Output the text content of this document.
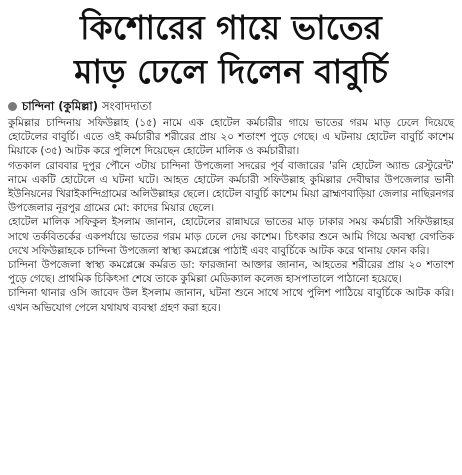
কিশোরের গায়ে ভাতের
মাড় ঢেলে দিলেন বাবুর্চি
চান্দিনা (কুমিল্লা) সংবাদদাতা

কুমিল্লার চান্দিনায় সফিউল্লাহ (১৫) নামে এক হোটেল কর্মচারীর গায়ে ভাতের গরম মাড় ঢেলে দিয়েছে হোটেলের বাবুর্চি। এতে ওই কর্মচারীর শরীরের প্রায় ২০ শতাংশ পুড়ে গেছে। এ ঘটনায় হোটেল বাবুর্চি কাশেম মিয়াকে (৩৫) আটক করে পুলিশে দিয়েছেন হোটেল মালিক ও কর্মচারীরা।

গতকাল রোববার দুপুর পৌনে ৩টায় চান্দিনা উপজেলা সদরের পূর্ব বাজারের 'রনি হোটেল অ্যান্ড রেস্টুরেন্ট' নামে একটি হোটেলে এ ঘটনা ঘটে। আহত হোটেল কর্মচারী সফিউল্লাহ কুমিল্লার দেবীদ্বার উপজেলার ভানী ইউনিয়নের খিরাইকান্দিগ্রামের অলিউল্লাহর ছেলে। হোটেল বাবুর্চি কাশেম মিয়া ব্রাহ্মণবাড়িয়া জেলার নাছিরনগর উপজেলার নূরপুর গ্রামের মো: কাদের মিয়ার ছেলে।

হোটেল মালিক সফিকুল ইসলাম জানান, হোটেলের রান্নাঘরে ভাতের মাড় ঢাকার সময় কর্মচারী সফিউল্লাহর সাথে তর্কবিতর্কের একপর্যায়ে ভাতের গরম মাড় ঢেলে দেয় কাশেম। চিৎকার শুনে আমি গিয়ে অবস্থা বেগতিক দেখে সফিউল্লাহকে চান্দিনা উপজেলা স্বাস্থ্য কমপ্লেক্সে পাঠাই এবং বাবুর্চিকে আটক করে থানায় ফোন করি।

চান্দিনা উপজেলা স্বাস্থ্য কমপ্লেক্সে কর্মরত ডা: ফারজানা আক্তার জানান, আহতের শরীরের প্রায় ২০ শতাংশ পুড়ে গেছে। প্রাথমিক চিকিৎসা শেষে তাকে কুমিল্লা মেডিক্যাল কলেজ হাসপাতালে পাঠানো হয়েছে।

চান্দিনা থানার ওসি জাবেদ উল ইসলাম জানান, ঘটনা শুনে সাথে সাথে পুলিশ পাঠিয়ে বাবুর্চিকে আটক করি। এখন অভিযোগ পেলে যথাযথ ব্যবস্থা গ্রহণ করা হবে।
